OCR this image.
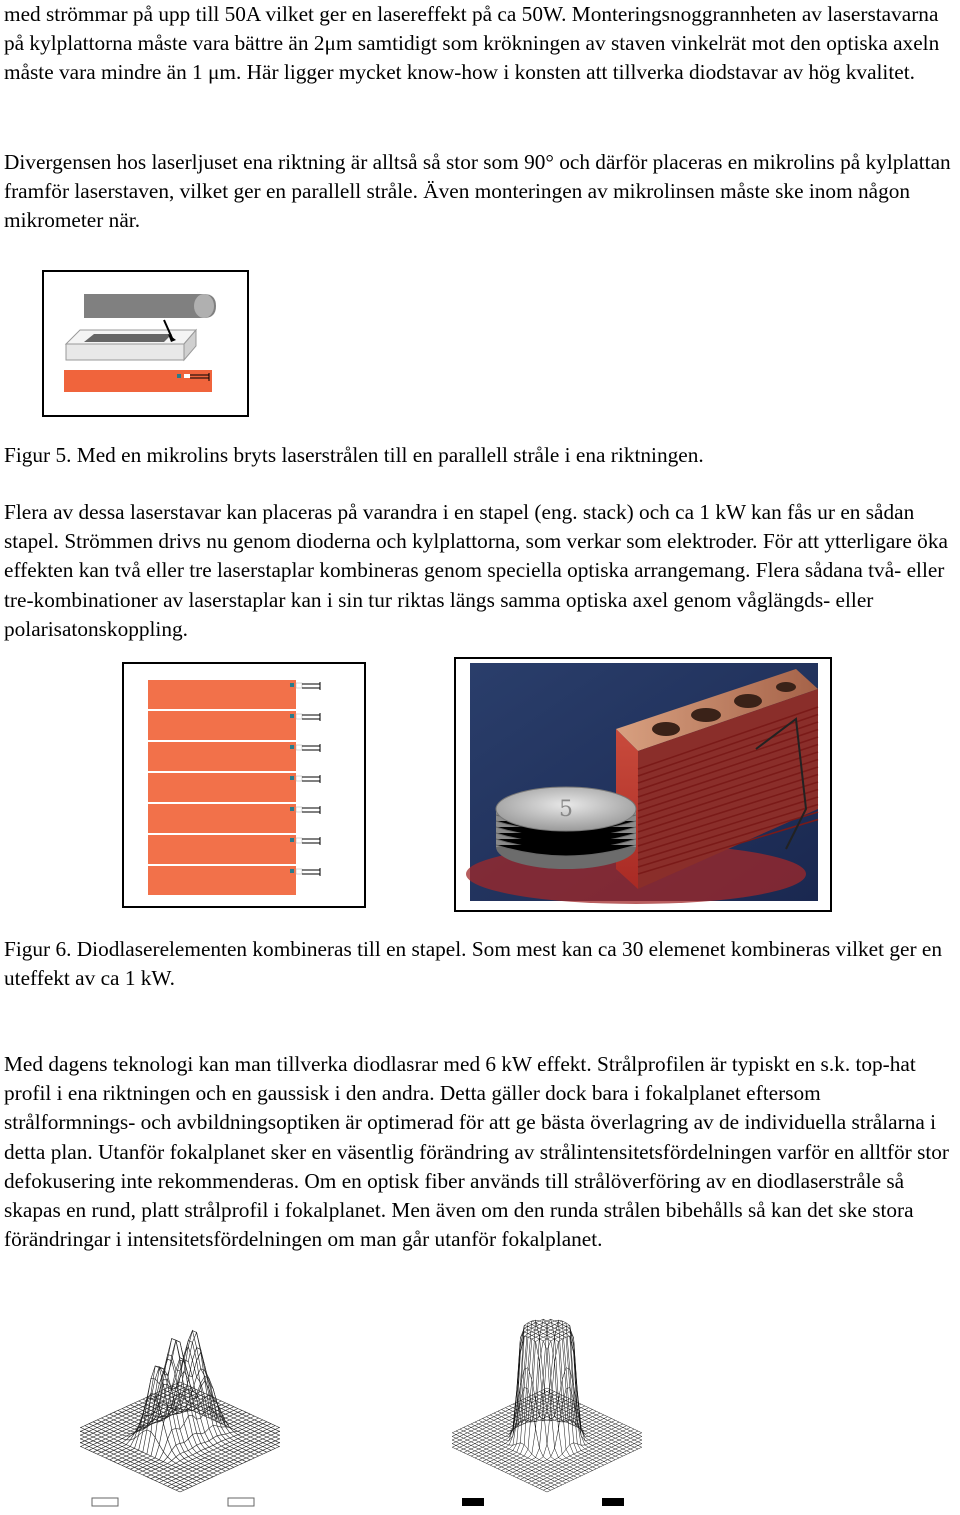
med strömmar på upp till 50A vilket ger en lasereffekt på ca 50W. Monteringsnoggrannheten av laserstavarna på kylplattorna måste vara bättre än 2μm samtidigt som krökningen av staven vinkelrät mot den optiska axeln måste vara mindre än 1 μm. Här ligger mycket know-how i konsten att tillverka diodstavar av hög kvalitet.

Divergensen hos laserljuset ena riktning är alltså så stor som 90° och därför placeras en mikrolins på kylplattan framför laserstaven, vilket ger en parallell stråle. Även monteringen av mikrolinsen måste ske inom någon mikrometer när.

Figur 5. Med en mikrolins bryts laserstrålen till en parallell stråle i ena riktningen.

Flera av dessa laserstavar kan placeras på varandra i en stapel (eng. stack) och ca 1 kW kan fås ur en sådan stapel. Strömmen drivs nu genom dioderna och kylplattorna, som verkar som elektroder. För att ytterligare öka effekten kan två eller tre laserstaplar kombineras genom speciella optiska arrangemang. Flera sådana två- eller tre-kombinationer av laserstaplar kan i sin tur riktas längs samma optiska axel genom våglängds- eller polarisatonskoppling.

5

Figur 6. Diodlaserelementen kombineras till en stapel. Som mest kan ca 30 elemenet kombineras vilket ger en uteffekt av ca 1 kW.

Med dagens teknologi kan man tillverka diodlasrar med 6 kW effekt. Strålprofilen är typiskt en s.k. top-hat profil i ena riktningen och en gaussisk i den andra. Detta gäller dock bara i fokalplanet eftersom strålformnings- och avbildningsoptiken är optimerad för att ge bästa överlagring av de individuella strålarna i detta plan. Utanför fokalplanet sker en väsentlig förändring av strålintensitetsfördelningen varför en alltför stor defokusering inte rekommenderas. Om en optisk fiber används till strålöverföring av en diodlaserstråle så skapas en rund, platt strålprofil i fokalplanet. Men även om den runda strålen bibehålls så kan det ske stora förändringar i intensitetsfördelningen om man går utanför fokalplanet.
